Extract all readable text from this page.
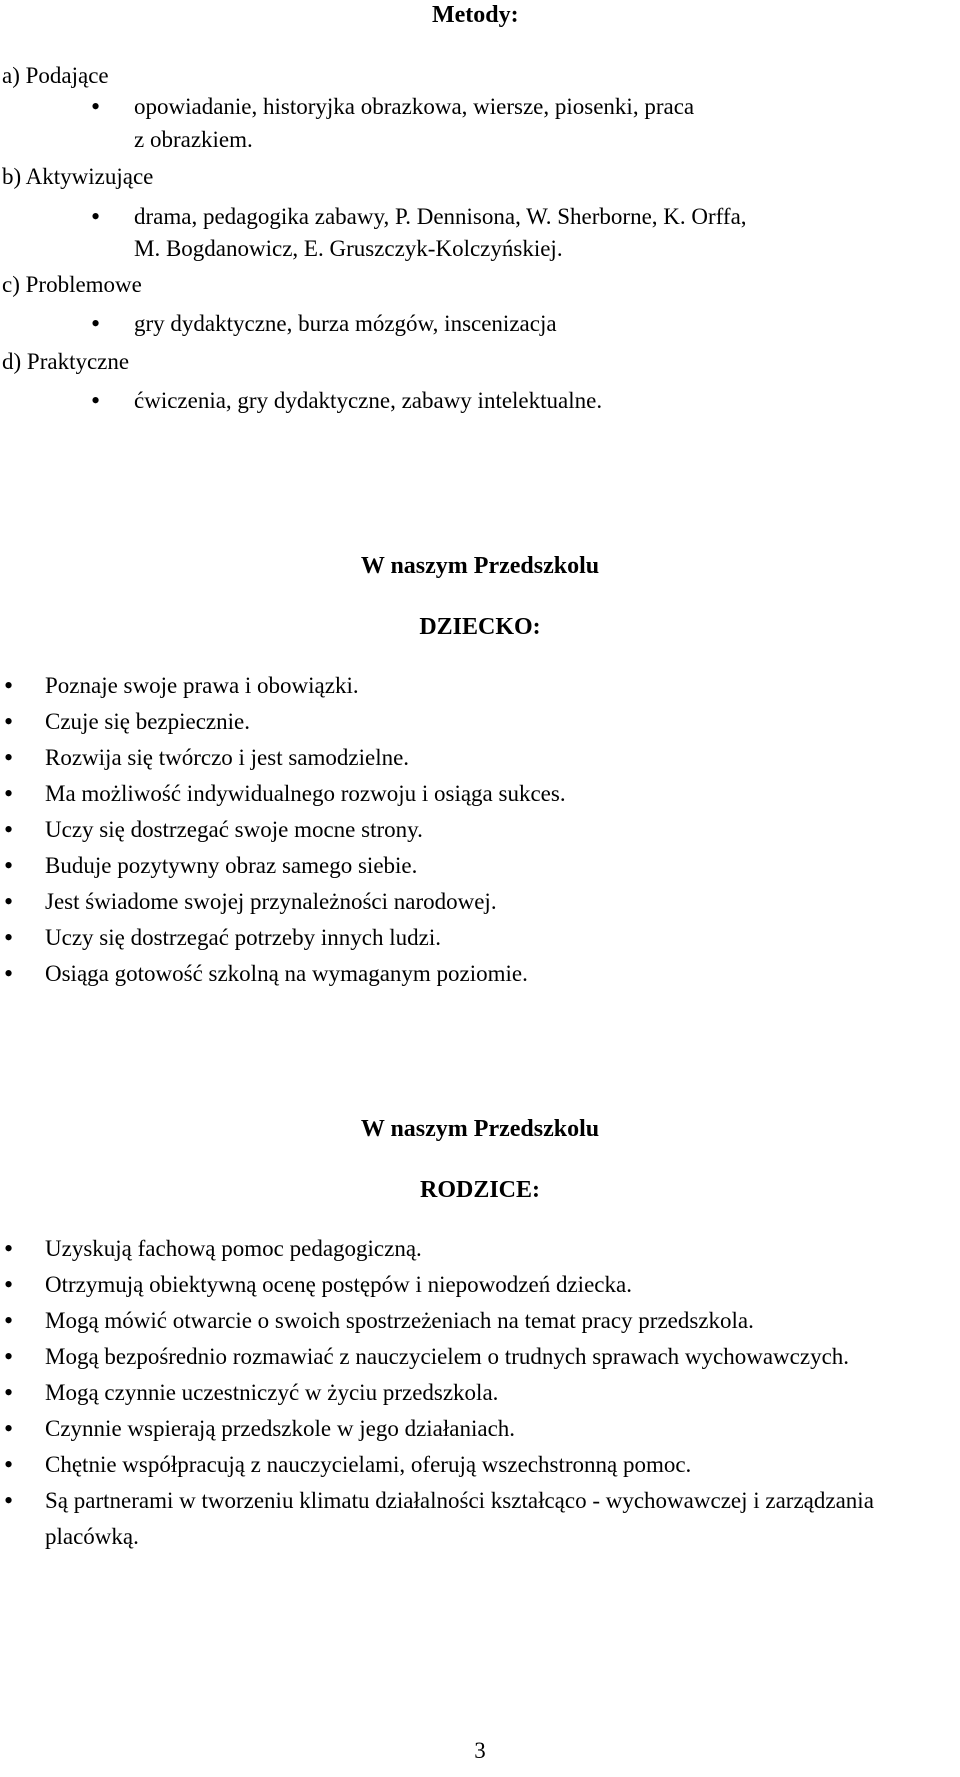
Metody:
a) Podające
• opowiadanie, historyjka obrazkowa, wiersze, piosenki, praca
z obrazkiem.
b) Aktywizujące
• drama, pedagogika zabawy, P. Dennisona, W. Sherborne, K. Orffa,
M. Bogdanowicz, E. Gruszczyk-Kolczyńskiej.
c) Problemowe
• gry dydaktyczne, burza mózgów, inscenizacja
d) Praktyczne
• ćwiczenia, gry dydaktyczne, zabawy intelektualne.
W naszym Przedszkolu
DZIECKO:
• Poznaje swoje prawa i obowiązki.
• Czuje się bezpiecznie.
• Rozwija się twórczo i jest samodzielne.
• Ma możliwość indywidualnego rozwoju i osiąga sukces.
• Uczy się dostrzegać swoje mocne strony.
• Buduje pozytywny obraz samego siebie.
• Jest świadome swojej przynależności narodowej.
• Uczy się dostrzegać potrzeby innych ludzi.
• Osiąga gotowość szkolną na wymaganym poziomie.
W naszym Przedszkolu
RODZICE:
• Uzyskują fachową pomoc pedagogiczną.
• Otrzymują obiektywną ocenę postępów i niepowodzeń dziecka.
• Mogą mówić otwarcie o swoich spostrzeżeniach na temat pracy przedszkola.
• Mogą bezpośrednio rozmawiać z nauczycielem o trudnych sprawach wychowawczych.
• Mogą czynnie uczestniczyć w życiu przedszkola.
• Czynnie wspierają przedszkole w jego działaniach.
• Chętnie współpracują z nauczycielami, oferują wszechstronną pomoc.
• Są partnerami w tworzeniu klimatu działalności kształcąco - wychowawczej i zarządzania placówką.
3
